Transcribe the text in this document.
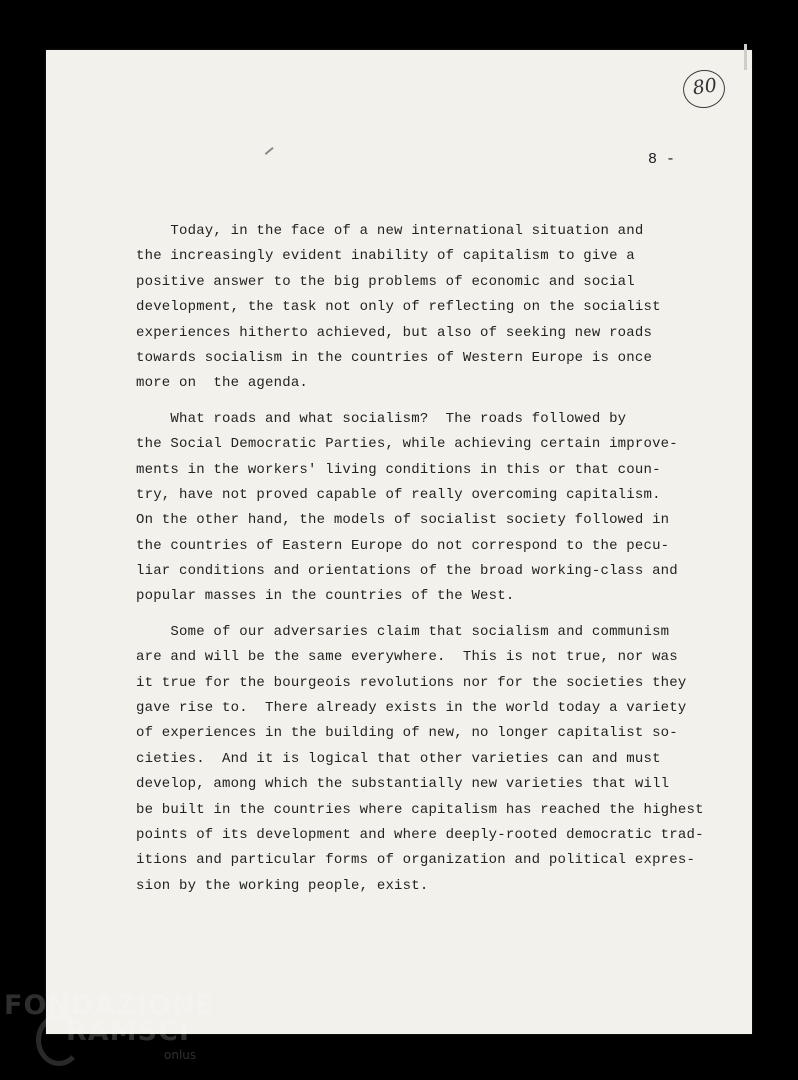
80
8 -
Today, in the face of a new international situation and
the increasingly evident inability of capitalism to give a
positive answer to the big problems of economic and social
development, the task not only of reflecting on the socialist
experiences hitherto achieved, but also of seeking new roads
towards socialism in the countries of Western Europe is once
more on  the agenda.
What roads and what socialism?  The roads followed by
the Social Democratic Parties, while achieving certain improve-
ments in the workers' living conditions in this or that coun-
try, have not proved capable of really overcoming capitalism.
On the other hand, the models of socialist society followed in
the countries of Eastern Europe do not correspond to the pecu-
liar conditions and orientations of the broad working-class and
popular masses in the countries of the West.
Some of our adversaries claim that socialism and communism
are and will be the same everywhere.  This is not true, nor was
it true for the bourgeois revolutions nor for the societies they
gave rise to.  There already exists in the world today a variety
of experiences in the building of new, no longer capitalist so-
cieties.  And it is logical that other varieties can and must
develop, among which the substantially new varieties that will
be built in the countries where capitalism has reached the highest
points of its development and where deeply-rooted democratic trad-
itions and particular forms of organization and political expres-
sion by the working people, exist.
FONDAZIONE
RAMSCI
onlus
